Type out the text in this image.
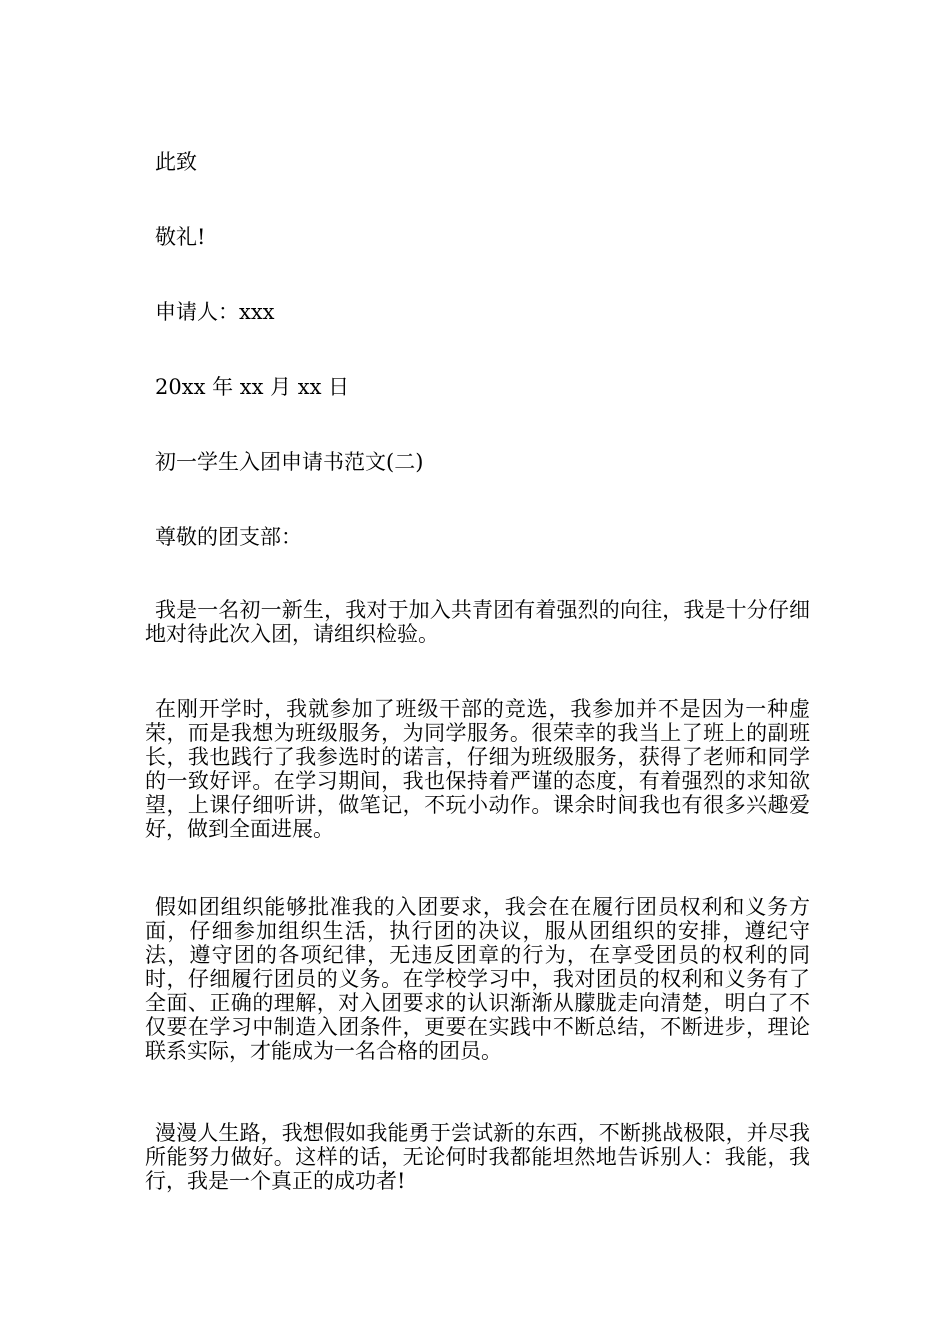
此致
敬礼!
申请人：xxx
20xx 年 xx 月 xx 日
初一学生入团申请书范文(二)
尊敬的团支部：

我是一名初一新生，我对于加入共青团有着强烈的向往，我是十分仔细地对待此次入团，请组织检验。

在刚开学时，我就参加了班级干部的竞选，我参加并不是因为一种虚荣，而是我想为班级服务，为同学服务。很荣幸的我当上了班上的副班长，我也践行了我参选时的诺言，仔细为班级服务，获得了老师和同学的一致好评。在学习期间，我也保持着严谨的态度，有着强烈的求知欲望，上课仔细听讲，做笔记，不玩小动作。课余时间我也有很多兴趣爱好，做到全面进展。

假如团组织能够批准我的入团要求，我会在在履行团员权利和义务方面，仔细参加组织生活，执行团的决议，服从团组织的安排，遵纪守法，遵守团的各项纪律，无违反团章的行为，在享受团员的权利的同时，仔细履行团员的义务。在学校学习中，我对团员的权利和义务有了全面、正确的理解，对入团要求的认识渐渐从朦胧走向清楚，明白了不仅要在学习中制造入团条件，更要在实践中不断总结，不断进步，理论联系实际，才能成为一名合格的团员。

漫漫人生路，我想假如我能勇于尝试新的东西，不断挑战极限，并尽我所能努力做好。这样的话，无论何时我都能坦然地告诉别人：我能，我行，我是一个真正的成功者!
